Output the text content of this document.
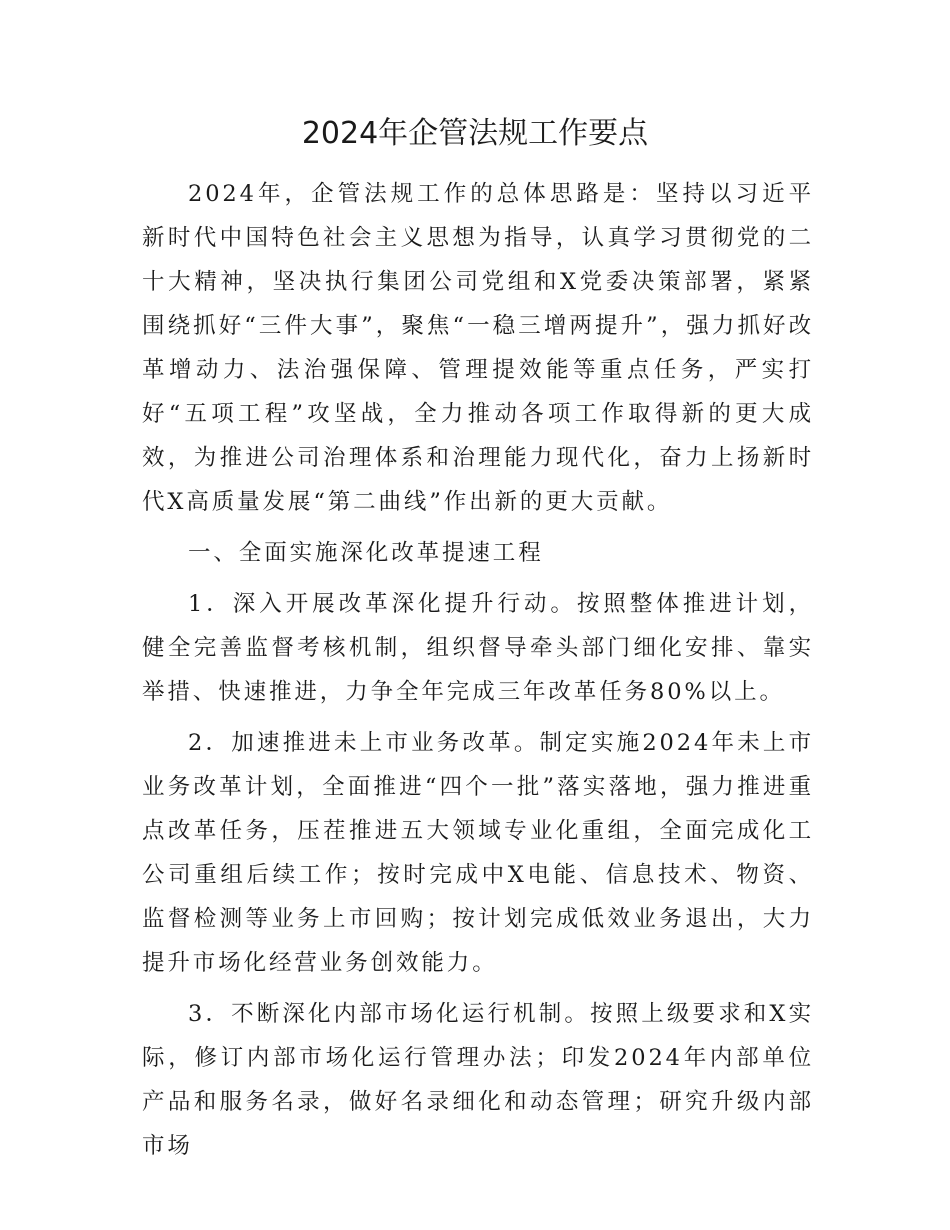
2024年企管法规工作要点

2024年，企管法规工作的总体思路是：坚持以习近平新时代中国特色社会主义思想为指导，认真学习贯彻党的二十大精神，坚决执行集团公司党组和X党委决策部署，紧紧围绕抓好“三件大事”，聚焦“一稳三增两提升”，强力抓好改革增动力、法治强保障、管理提效能等重点任务，严实打好“五项工程”攻坚战，全力推动各项工作取得新的更大成效，为推进公司治理体系和治理能力现代化，奋力上扬新时代X高质量发展“第二曲线”作出新的更大贡献。

一、全面实施深化改革提速工程

1．深入开展改革深化提升行动。按照整体推进计划，健全完善监督考核机制，组织督导牵头部门细化安排、靠实举措、快速推进，力争全年完成三年改革任务80%以上。

2．加速推进未上市业务改革。制定实施2024年未上市业务改革计划，全面推进“四个一批”落实落地，强力推进重点改革任务，压茬推进五大领域专业化重组，全面完成化工公司重组后续工作；按时完成中X电能、信息技术、物资、监督检测等业务上市回购；按计划完成低效业务退出，大力提升市场化经营业务创效能力。

3．不断深化内部市场化运行机制。按照上级要求和X实际，修订内部市场化运行管理办法；印发2024年内部单位产品和服务名录，做好名录细化和动态管理；研究升级内部市场
